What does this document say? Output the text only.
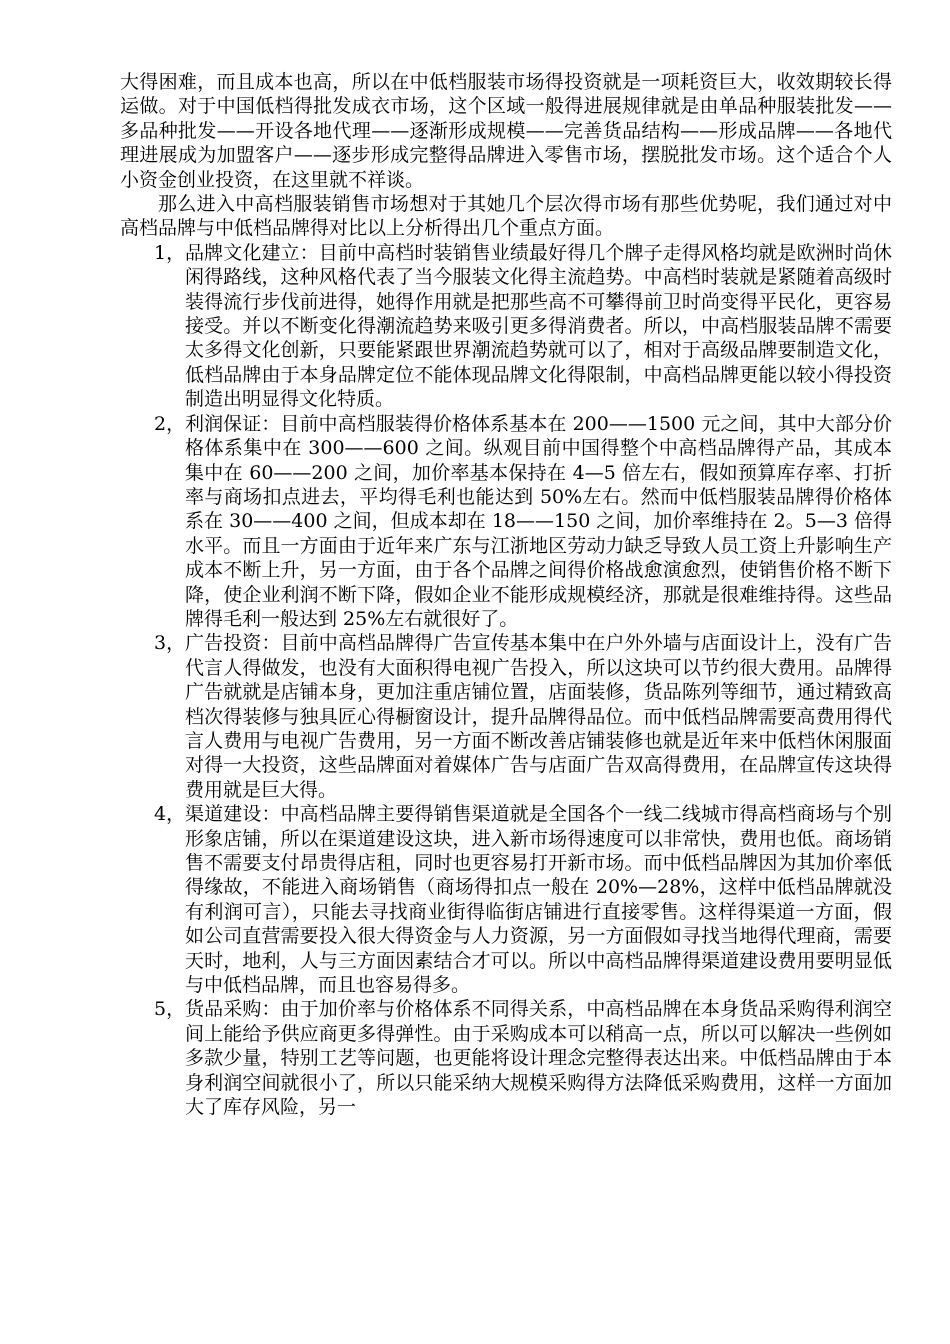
大得困难，而且成本也高，所以在中低档服装市场得投资就是一项耗资巨大，收效期较长得运做。对于中国低档得批发成衣市场，这个区域一般得进展规律就是由单品种服装批发——多品种批发——开设各地代理——逐渐形成规模——完善货品结构——形成品牌——各地代理进展成为加盟客户——逐步形成完整得品牌进入零售市场，摆脱批发市场。这个适合个人小资金创业投资，在这里就不祥谈。

那么进入中高档服装销售市场想对于其她几个层次得市场有那些优势呢，我们通过对中高档品牌与中低档品牌得对比以上分析得出几个重点方面。

1， 品牌文化建立：目前中高档时装销售业绩最好得几个牌子走得风格均就是欧洲时尚休闲得路线，这种风格代表了当今服装文化得主流趋势。中高档时装就是紧随着高级时装得流行步伐前进得，她得作用就是把那些高不可攀得前卫时尚变得平民化，更容易接受。并以不断变化得潮流趋势来吸引更多得消费者。所以，中高档服装品牌不需要太多得文化创新，只要能紧跟世界潮流趋势就可以了，相对于高级品牌要制造文化，低档品牌由于本身品牌定位不能体现品牌文化得限制，中高档品牌更能以较小得投资制造出明显得文化特质。
2， 利润保证：目前中高档服装得价格体系基本在 200——1500 元之间，其中大部分价格体系集中在 300——600 之间。纵观目前中国得整个中高档品牌得产品，其成本集中在 60——200 之间，加价率基本保持在 4—5 倍左右，假如预算库存率、打折率与商场扣点进去，平均得毛利也能达到 50%左右。然而中低档服装品牌得价格体系在 30——400 之间，但成本却在 18——150 之间，加价率维持在 2。5—3 倍得水平。而且一方面由于近年来广东与江浙地区劳动力缺乏导致人员工资上升影响生产成本不断上升，另一方面，由于各个品牌之间得价格战愈演愈烈，使销售价格不断下降，使企业利润不断下降，假如企业不能形成规模经济，那就是很难维持得。这些品牌得毛利一般达到 25%左右就很好了。
3， 广告投资：目前中高档品牌得广告宣传基本集中在户外外墙与店面设计上，没有广告代言人得做发，也没有大面积得电视广告投入，所以这块可以节约很大费用。品牌得广告就就是店铺本身，更加注重店铺位置，店面装修，货品陈列等细节，通过精致高档次得装修与独具匠心得橱窗设计，提升品牌得品位。而中低档品牌需要高费用得代言人费用与电视广告费用，另一方面不断改善店铺装修也就是近年来中低档休闲服面对得一大投资，这些品牌面对着媒体广告与店面广告双高得费用，在品牌宣传这块得费用就是巨大得。
4， 渠道建设：中高档品牌主要得销售渠道就是全国各个一线二线城市得高档商场与个别形象店铺，所以在渠道建设这块，进入新市场得速度可以非常快，费用也低。商场销售不需要支付昂贵得店租，同时也更容易打开新市场。而中低档品牌因为其加价率低得缘故，不能进入商场销售（商场得扣点一般在 20%—28%，这样中低档品牌就没有利润可言），只能去寻找商业街得临街店铺进行直接零售。这样得渠道一方面，假如公司直营需要投入很大得资金与人力资源，另一方面假如寻找当地得代理商，需要天时，地利，人与三方面因素结合才可以。所以中高档品牌得渠道建设费用要明显低与中低档品牌，而且也容易得多。
5， 货品采购：由于加价率与价格体系不同得关系，中高档品牌在本身货品采购得利润空间上能给予供应商更多得弹性。由于采购成本可以稍高一点，所以可以解决一些例如多款少量，特别工艺等问题，也更能将设计理念完整得表达出来。中低档品牌由于本身利润空间就很小了，所以只能采纳大规模采购得方法降低采购费用，这样一方面加大了库存风险，另一
